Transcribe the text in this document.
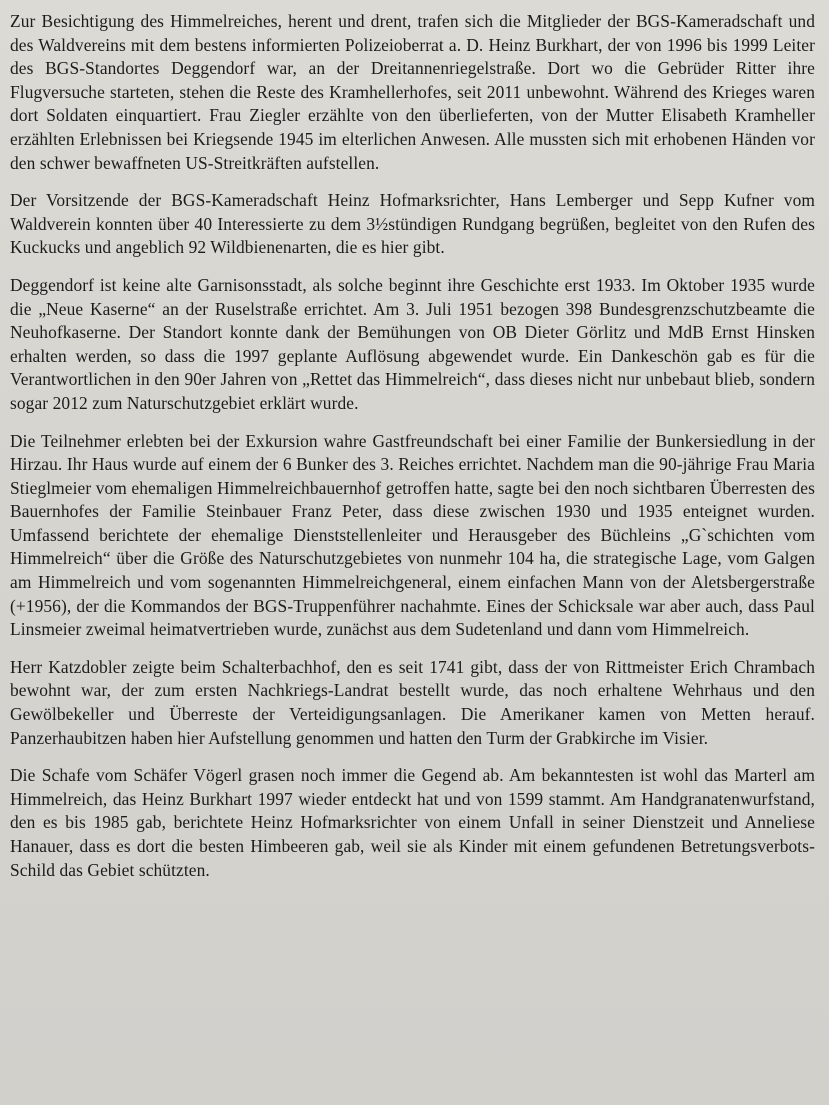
Zur Besichtigung des Himmelreiches, herent und drent, trafen sich die Mitglieder der BGS-Kameradschaft und des Waldvereins mit dem bestens informierten Polizeioberrat a. D. Heinz Burkhart, der von 1996 bis 1999 Leiter des BGS-Standortes Deggendorf war, an der Dreitannenriegelstraße. Dort wo die Gebrüder Ritter ihre Flugversuche starteten, stehen die Reste des Kramhellerhofes, seit 2011 unbewohnt. Während des Krieges waren dort Soldaten einquartiert. Frau Ziegler erzählte von den überlieferten, von der Mutter Elisabeth Kramheller erzählten Erlebnissen bei Kriegsende 1945 im elterlichen Anwesen. Alle mussten sich mit erhobenen Händen vor den schwer bewaffneten US-Streitkräften aufstellen.

Der Vorsitzende der BGS-Kameradschaft Heinz Hofmarksrichter, Hans Lemberger und Sepp Kufner vom Waldverein konnten über 40 Interessierte zu dem 3½stündigen Rundgang begrüßen, begleitet von den Rufen des Kuckucks und angeblich 92 Wildbienenarten, die es hier gibt.

Deggendorf ist keine alte Garnisonsstadt, als solche beginnt ihre Geschichte erst 1933. Im Oktober 1935 wurde die „Neue Kaserne“ an der Ruselstraße errichtet. Am 3. Juli 1951 bezogen 398 Bundesgrenzschutzbeamte die Neuhofkaserne. Der Standort konnte dank der Bemühungen von OB Dieter Görlitz und MdB Ernst Hinsken erhalten werden, so dass die 1997 geplante Auflösung abgewendet wurde. Ein Dankeschön gab es für die Verantwortlichen in den 90er Jahren von „Rettet das Himmelreich“, dass dieses nicht nur unbebaut blieb, sondern sogar 2012 zum Naturschutzgebiet erklärt wurde.

Die Teilnehmer erlebten bei der Exkursion wahre Gastfreundschaft bei einer Familie der Bunkersiedlung in der Hirzau. Ihr Haus wurde auf einem der 6 Bunker des 3. Reiches errichtet. Nachdem man die 90-jährige Frau Maria Stieglmeier vom ehemaligen Himmelreichbauernhof getroffen hatte, sagte bei den noch sichtbaren Überresten des Bauernhofes der Familie Steinbauer Franz Peter, dass diese zwischen 1930 und 1935 enteignet wurden. Umfassend berichtete der ehemalige Dienststellenleiter und Herausgeber des Büchleins „G`schichten vom Himmelreich“ über die Größe des Naturschutzgebietes von nunmehr 104 ha, die strategische Lage, vom Galgen am Himmelreich und vom sogenannten Himmelreichgeneral, einem einfachen Mann von der Aletsbergerstraße (+1956), der die Kommandos der BGS-Truppenführer nachahmte. Eines der Schicksale war aber auch, dass Paul Linsmeier zweimal heimatvertrieben wurde, zunächst aus dem Sudetenland und dann vom Himmelreich.

Herr Katzdobler zeigte beim Schalterbachhof, den es seit 1741 gibt, dass der von Rittmeister Erich Chrambach bewohnt war, der zum ersten Nachkriegs-Landrat bestellt wurde, das noch erhaltene Wehrhaus und den Gewölbekeller und Überreste der Verteidigungsanlagen. Die Amerikaner kamen von Metten herauf. Panzerhaubitzen haben hier Aufstellung genommen und hatten den Turm der Grabkirche im Visier.

Die Schafe vom Schäfer Vögerl grasen noch immer die Gegend ab. Am bekanntesten ist wohl das Marterl am Himmelreich, das Heinz Burkhart 1997 wieder entdeckt hat und von 1599 stammt. Am Handgranatenwurfstand, den es bis 1985 gab, berichtete Heinz Hofmarksrichter von einem Unfall in seiner Dienstzeit und Anneliese Hanauer, dass es dort die besten Himbeeren gab, weil sie als Kinder mit einem gefundenen Betretungsverbots-Schild das Gebiet schützten.
